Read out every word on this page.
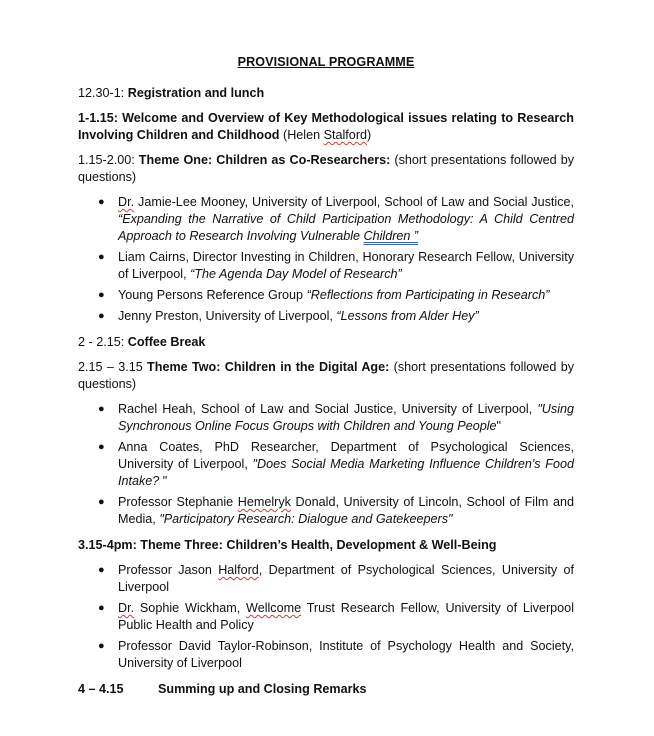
PROVISIONAL PROGRAMME

12.30-1: Registration and lunch

1-1.15: Welcome and Overview of Key Methodological issues relating to Research Involving Children and Childhood (Helen Stalford)

1.15-2.00: Theme One: Children as Co-Researchers: (short presentations followed by questions)

● Dr. Jamie-Lee Mooney, University of Liverpool, School of Law and Social Justice, “Expanding the Narrative of Child Participation Methodology: A Child Centred Approach to Research Involving Vulnerable Children ”
● Liam Cairns, Director Investing in Children, Honorary Research Fellow, University of Liverpool, “The Agenda Day Model of Research”
● Young Persons Reference Group “Reflections from Participating in Research”
● Jenny Preston, University of Liverpool, “Lessons from Alder Hey”

2 - 2.15: Coffee Break

2.15 – 3.15 Theme Two: Children in the Digital Age: (short presentations followed by questions)

● Rachel Heah, School of Law and Social Justice, University of Liverpool, "Using Synchronous Online Focus Groups with Children and Young People"
● Anna Coates, PhD Researcher, Department of Psychological Sciences, University of Liverpool, "Does Social Media Marketing Influence Children's Food Intake? "
● Professor Stephanie Hemelryk Donald, University of Lincoln, School of Film and Media, "Participatory Research: Dialogue and Gatekeepers"

3.15-4pm: Theme Three: Children’s Health, Development & Well-Being

● Professor Jason Halford, Department of Psychological Sciences, University of Liverpool
● Dr. Sophie Wickham, Wellcome Trust Research Fellow, University of Liverpool Public Health and Policy
● Professor David Taylor-Robinson, Institute of Psychology Health and Society, University of Liverpool
4 – 4.15	Summing up and Closing Remarks
